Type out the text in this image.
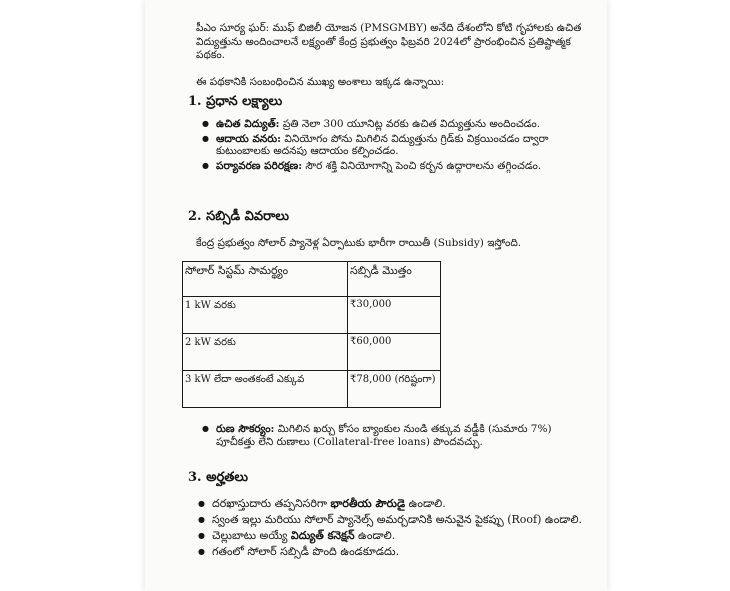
పీఎం సూర్య ఘర్: ముఫ్ బిజిలీ యోజన (PMSGMBY) అనేది దేశంలోని కోటి గృహాలకు ఉచిత విద్యుత్తును అందించాలనే లక్ష్యంతో కేంద్ర ప్రభుత్వం ఫిబ్రవరి 2024లో ప్రారంభించిన ప్రతిష్టాత్మక పథకం.

ఈ పథకానికి సంబంధించిన ముఖ్య అంశాలు ఇక్కడ ఉన్నాయి:

1. ప్రధాన లక్ష్యాలు
● ఉచిత విద్యుత్: ప్రతి నెలా 300 యూనిట్ల వరకు ఉచిత విద్యుత్తును అందించడం.
● ఆదాయ వనరు: వినియోగం పోను మిగిలిన విద్యుత్తును గ్రిడ్‌కు విక్రయించడం ద్వారా కుటుంబాలకు అదనపు ఆదాయం కల్పించడం.
● పర్యావరణ పరిరక్షణ: సౌర శక్తి వినియోగాన్ని పెంచి కర్బన ఉద్గారాలను తగ్గించడం.
2. సబ్సిడీ వివరాలు

కేంద్ర ప్రభుత్వం సోలార్ ప్యానెళ్ల ఏర్పాటుకు భారీగా రాయితీ (Subsidy) ఇస్తోంది.

సోలార్ సిస్టమ్ సామర్థ్యం	సబ్సిడీ మొత్తం
1 kW వరకు	₹30,000
2 kW వరకు	₹60,000
3 kW లేదా అంతకంటే ఎక్కువ	₹78,000 (గరిష్టంగా)
● రుణ సౌకర్యం: మిగిలిన ఖర్చు కోసం బ్యాంకుల నుండి తక్కువ వడ్డీకి (సుమారు 7%) పూచీకత్తు లేని రుణాలు (Collateral-free loans) పొందవచ్చు.
3. అర్హతలు
● దరఖాస్తుదారు తప్పనిసరిగా భారతీయ పౌరుడై ఉండాలి.
● స్వంత ఇల్లు మరియు సోలార్ ప్యానెల్స్ అమర్చడానికి అనువైన పైకప్పు (Roof) ఉండాలి.
● చెల్లుబాటు అయ్యే విద్యుత్ కనెక్షన్ ఉండాలి.
● గతంలో సోలార్ సబ్సిడీ పొంది ఉండకూడదు.
